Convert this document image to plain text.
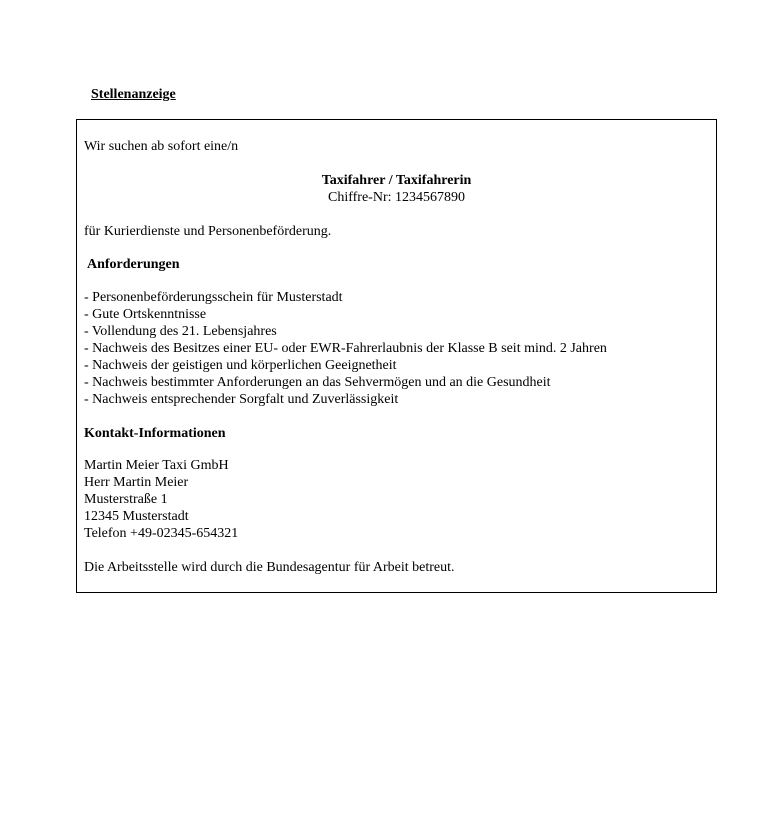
Stellenanzeige
Wir suchen ab sofort eine/n
Taxifahrer / Taxifahrerin
Chiffre-Nr: 1234567890
für Kurierdienste und Personenbeförderung.
Anforderungen
- Personenbeförderungsschein für Musterstadt
- Gute Ortskenntnisse
- Vollendung des 21. Lebensjahres
- Nachweis des Besitzes einer EU- oder EWR-Fahrerlaubnis der Klasse B seit mind. 2 Jahren
- Nachweis der geistigen und körperlichen Geeignetheit
- Nachweis bestimmter Anforderungen an das Sehvermögen und an die Gesundheit
- Nachweis entsprechender Sorgfalt und Zuverlässigkeit
Kontakt-Informationen
Martin Meier Taxi GmbH
Herr Martin Meier
Musterstraße 1
12345 Musterstadt
Telefon +49-02345-654321
Die Arbeitsstelle wird durch die Bundesagentur für Arbeit betreut.
